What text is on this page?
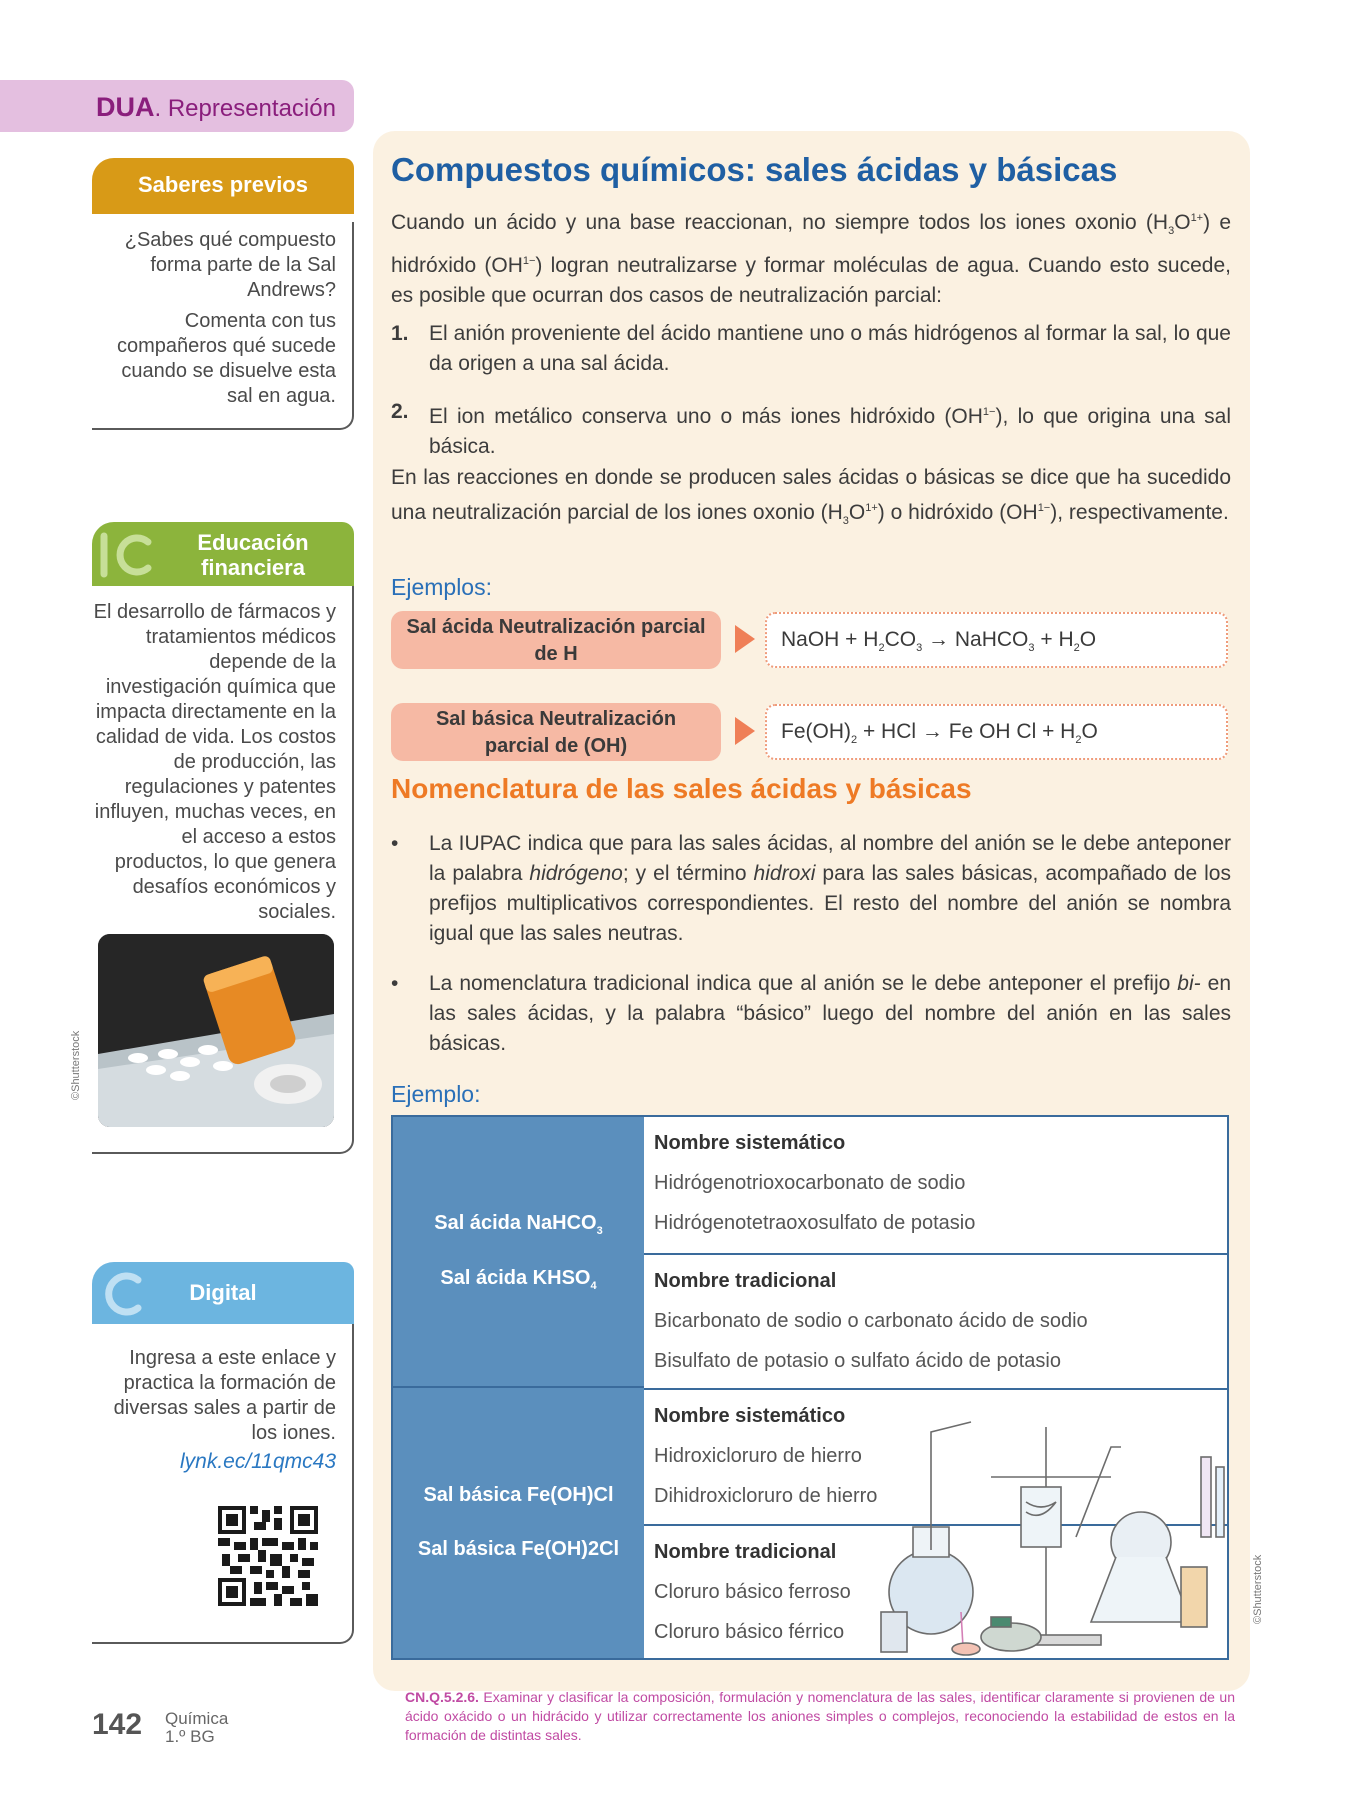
DUA. Representación
Saberes previos
¿Sabes qué compuesto forma parte de la Sal Andrews?
Comenta con tus compañeros qué sucede cuando se disuelve esta sal en agua.
Educación
financiera
El desarrollo de fármacos y tratamientos médicos depende de la investigación química que impacta directamente en la calidad de vida. Los costos de producción, las regulaciones y patentes influyen, muchas veces, en el acceso a estos productos, lo que genera desafíos económicos y sociales.
©Shutterstock
Digital
Ingresa a este enlace y practica la formación de diversas sales a partir de los iones.
lynk.ec/11qmc43
Compuestos químicos: sales ácidas y básicas
Cuando un ácido y una base reaccionan, no siempre todos los iones oxonio $(H_3O^{1+})$ e hidróxido $(OH^{1-})$ logran neutralizarse y formar moléculas de agua. Cuando esto sucede, es posible que ocurran dos casos de neutralización parcial:
1. El anión proveniente del ácido mantiene uno o más hidrógenos al formar la sal, lo que da origen a una sal ácida.
2. El ion metálico conserva uno o más iones hidróxido $(OH^{1-})$, lo que origina una sal básica.
En las reacciones en donde se producen sales ácidas o básicas se dice que ha sucedido una neutralización parcial de los iones oxonio $(H_3O^{1+})$ o hidróxido $(OH^{1-})$, respectivamente.
Ejemplos:
Sal ácida Neutralización parcial
de H
NaOH + $H_2CO_3$ → NaHCO$_3$ + $H_2O$
Sal básica Neutralización
parcial de (OH)
$Fe(OH)_2$ + HCl → Fe OH $Cl + H_2O$
Nomenclatura de las sales ácidas y básicas
• La IUPAC indica que para las sales ácidas, al nombre del anión se le debe anteponer la palabra hidrógeno; y el término hidroxi para las sales básicas, acompañado de los prefijos multiplicativos correspondientes. El resto del nombre del anión se nombra igual que las sales neutras.
• La nomenclatura tradicional indica que al anión se le debe anteponer el prefijo bi- en las sales ácidas, y la palabra “básico” luego del nombre del anión en las sales básicas.
Ejemplo:
Sal ácida NaHCO$_3$
Sal ácida $KHSO_4$
Sal básica Fe(OH)Cl
Sal básica Fe(OH)2Cl
Nombre sistemático
Hidrógenotrioxocarbonato de sodio
Hidrógenotetraoxosulfato de potasio
Nombre tradicional
Bicarbonato de sodio o carbonato ácido de sodio
Bisulfato de potasio o sulfato ácido de potasio
Nombre sistemático
Hidroxicloruro de hierro
Dihidroxicloruro de hierro
Nombre tradicional
Cloruro básico ferroso
Cloruro básico férrico
©Shutterstock
142 Química
1.º BG
CN.Q.5.2.6. Examinar y clasificar la composición, formulación y nomenclatura de las sales, identificar claramente si provienen de un ácido oxácido o un hidrácido y utilizar correctamente los aniones simples o complejos, reconociendo la estabilidad de estos en la formación de distintas sales.
